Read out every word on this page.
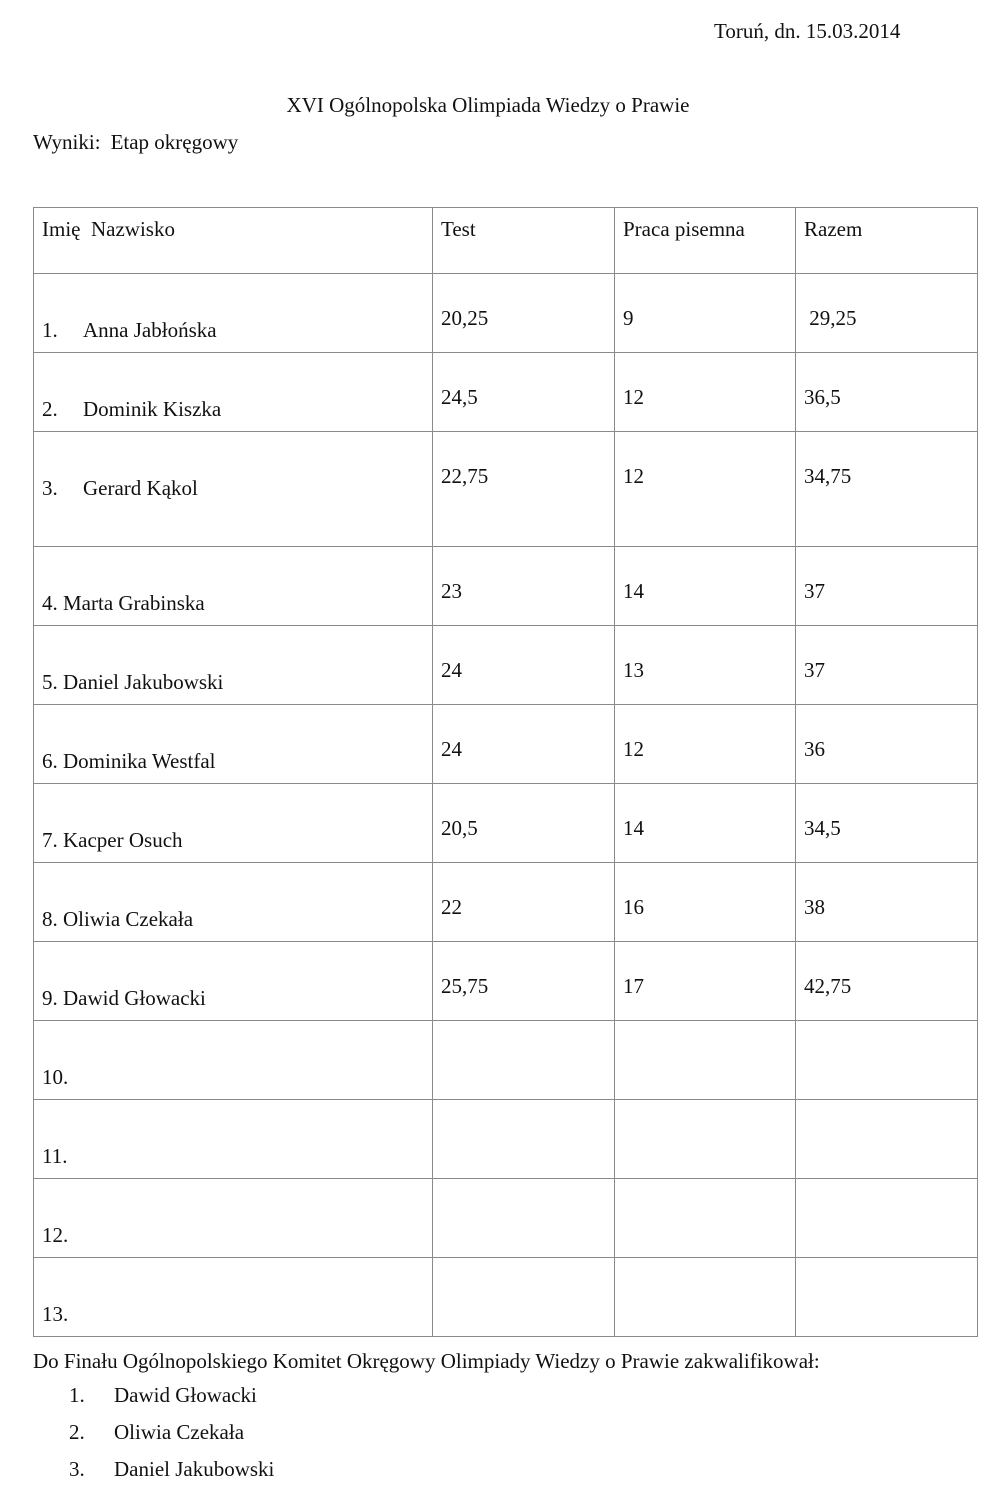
Toruń, dn. 15.03.2014
XVI Ogólnopolska Olimpiada Wiedzy o Prawie
Wyniki: Etap okręgowy
Imię  Nazwisko	Test	Praca pisemna	Razem

1. Anna Jabłońska	20,25	9	29,25

2. Dominik Kiszka	24,5	12	36,5

3. Gerard Kąkol	22,75	12	34,75

4. Marta Grabinska	23	14	37

5. Daniel Jakubowski	24	13	37

6. Dominika Westfal	24	12	36

7. Kacper Osuch	20,5	14	34,5

8. Oliwia Czekała	22	16	38

9. Dawid Głowacki	25,75	17	42,75

10.			

11.			

12.			

13.			

Do Finału Ogólnopolskiego Komitet Okręgowy Olimpiady Wiedzy o Prawie zakwalifikował:
1. Dawid Głowacki
2. Oliwia Czekała
3. Daniel Jakubowski
